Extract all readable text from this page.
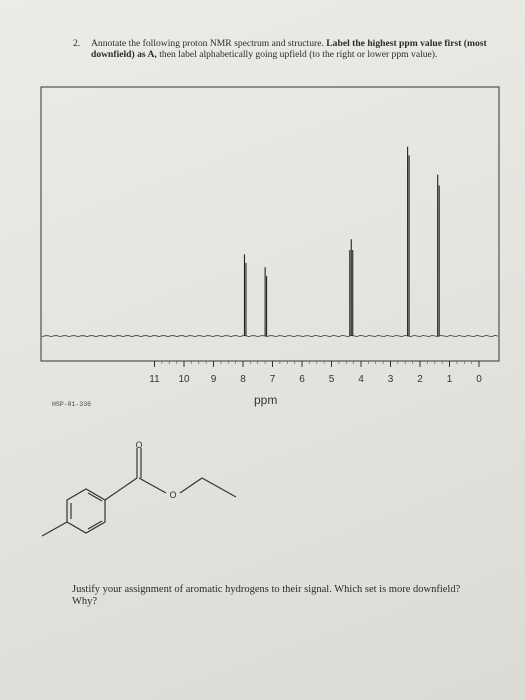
2. Annotate the following proton NMR spectrum and structure. Label the highest ppm value first (most downfield) as A, then label alphabetically going upfield (to the right or lower ppm value).
11 10 9 8 7 6 5 4 3 2 1 0
HSP-01-336	ppm
O
O
Justify your assignment of aromatic hydrogens to their signal. Which set is more downfield?
Why?
